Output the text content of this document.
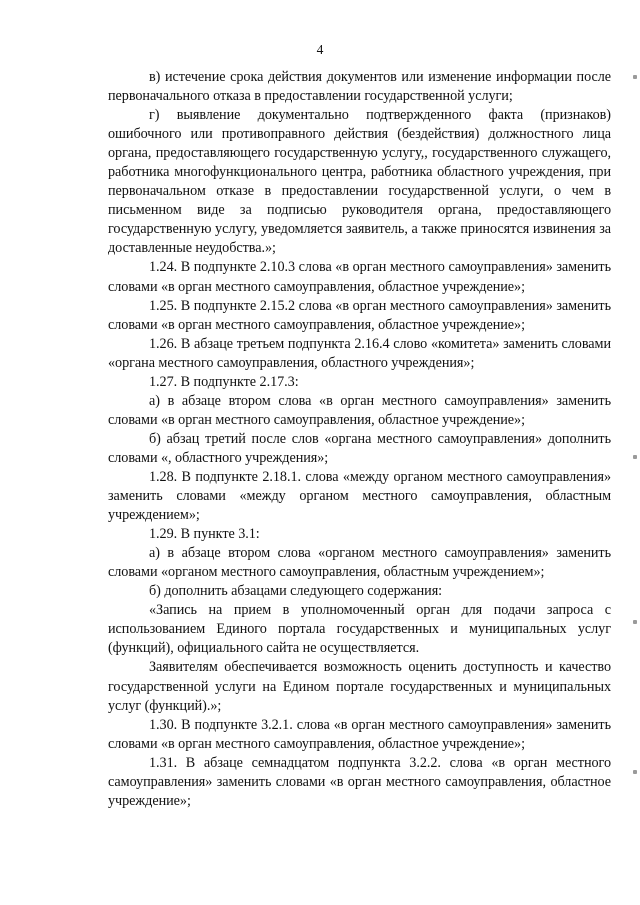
4

в) истечение срока действия документов или изменение информации после первоначального отказа в предоставлении государственной услуги;

г) выявление документально подтвержденного факта (признаков) ошибочного или противоправного действия (бездействия) должностного лица органа, предоставляющего государственную услугу,, государственного служащего, работника многофункционального центра, работника областного учреждения, при первоначальном отказе в предоставлении государственной услуги, о чем в письменном виде за подписью руководителя органа, предоставляющего государственную услугу, уведомляется заявитель, а также приносятся извинения за доставленные неудобства.»;

1.24. В подпункте 2.10.3 слова «в орган местного самоуправления» заменить словами «в орган местного самоуправления, областное учреждение»;

1.25. В подпункте 2.15.2 слова «в орган местного самоуправления» заменить словами «в орган местного самоуправления, областное учреждение»;

1.26. В абзаце третьем подпункта 2.16.4 слово «комитета» заменить словами «органа местного самоуправления, областного учреждения»;

1.27. В подпункте 2.17.3:

а) в абзаце втором слова «в орган местного самоуправления» заменить словами «в орган местного самоуправления, областное учреждение»;

б) абзац третий после слов «органа местного самоуправления» дополнить словами «, областного учреждения»;

1.28. В подпункте 2.18.1. слова «между органом местного самоуправления» заменить словами «между органом местного самоуправления, областным учреждением»;

1.29. В пункте 3.1:

а) в абзаце втором слова «органом местного самоуправления» заменить словами «органом местного самоуправления, областным учреждением»;

б) дополнить абзацами следующего содержания:

«Запись на прием в уполномоченный орган для подачи запроса с использованием Единого портала государственных и муниципальных услуг (функций), официального сайта не осуществляется.

Заявителям обеспечивается возможность оценить доступность и качество государственной услуги на Едином портале государственных и муниципальных услуг (функций).»;

1.30. В подпункте 3.2.1. слова «в орган местного самоуправления» заменить словами «в орган местного самоуправления, областное учреждение»;

1.31. В абзаце семнадцатом подпункта 3.2.2. слова «в орган местного самоуправления» заменить словами «в орган местного самоуправления, областное учреждение»;
